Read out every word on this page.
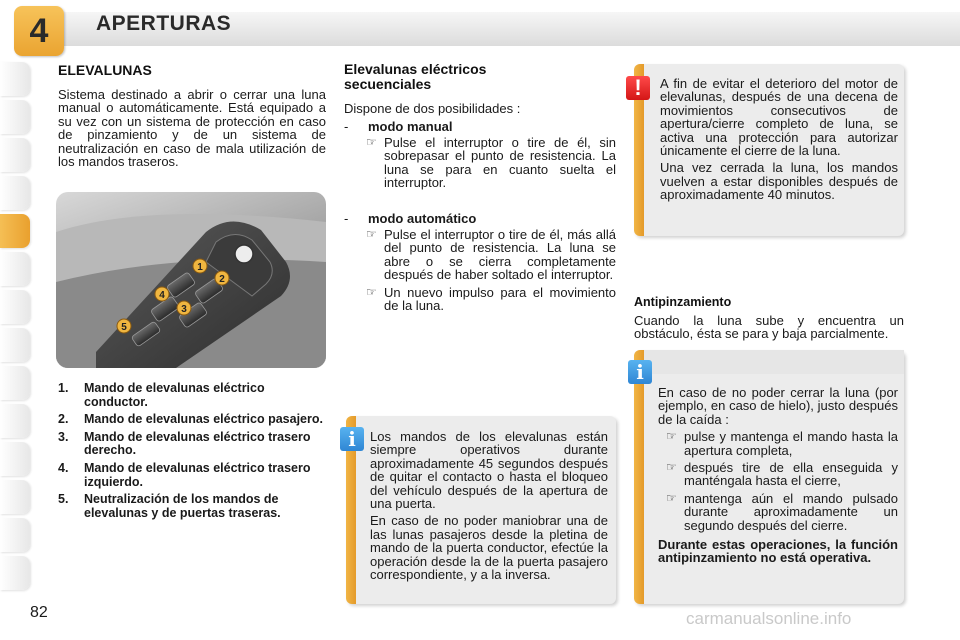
4	APERTURAS
ELEVALUNAS
Sistema destinado a abrir o cerrar una luna manual o automáticamente. Está equipado a su vez con un sistema de protección en caso de pinzamiento y de un sistema de neutralización en caso de mala utilización de los mandos traseros.
1
2
3
4
5
1. Mando de elevalunas eléctrico conductor.
2. Mando de elevalunas eléctrico pasajero.
3. Mando de elevalunas eléctrico trasero derecho.
4. Mando de elevalunas eléctrico trasero izquierdo.
5. Neutralización de los mandos de elevalunas y de puertas traseras.
Elevalunas eléctricos
secuenciales
Dispone de dos posibilidades :
- modo manual
☞ Pulse el interruptor o tire de él, sin sobrepasar el punto de resistencia. La luna se para en cuanto suelta el interruptor.
- modo automático
☞ Pulse el interruptor o tire de él, más allá del punto de resistencia. La luna se abre o se cierra completamente después de haber soltado el interruptor.
☞ Un nuevo impulso para el movimiento de la luna.
Los mandos de los elevalunas están siempre operativos durante aproximadamente 45 segundos después de quitar el contacto o hasta el bloqueo del vehículo después de la apertura de una puerta.
En caso de no poder maniobrar una de las lunas pasajeros desde la pletina de mando de la puerta conductor, efectúe la operación desde la de la puerta pasajero correspondiente, y a la inversa.
i
A fin de evitar el deterioro del motor de elevalunas, después de una decena de movimientos consecutivos de apertura/cierre completo de luna, se activa una protección para autorizar únicamente el cierre de la luna.
Una vez cerrada la luna, los mandos vuelven a estar disponibles después de aproximadamente 40 minutos.
!
Antipinzamiento
Cuando la luna sube y encuentra un obstáculo, ésta se para y baja parcialmente.
En caso de no poder cerrar la luna (por ejemplo, en caso de hielo), justo después de la caída :
☞ pulse y mantenga el mando hasta la apertura completa,
☞ después tire de ella enseguida y manténgala hasta el cierre,
☞ mantenga aún el mando pulsado durante aproximadamente un segundo después del cierre.
Durante estas operaciones, la función antipinzamiento no está operativa.
i
82	carmanualsonline.info
